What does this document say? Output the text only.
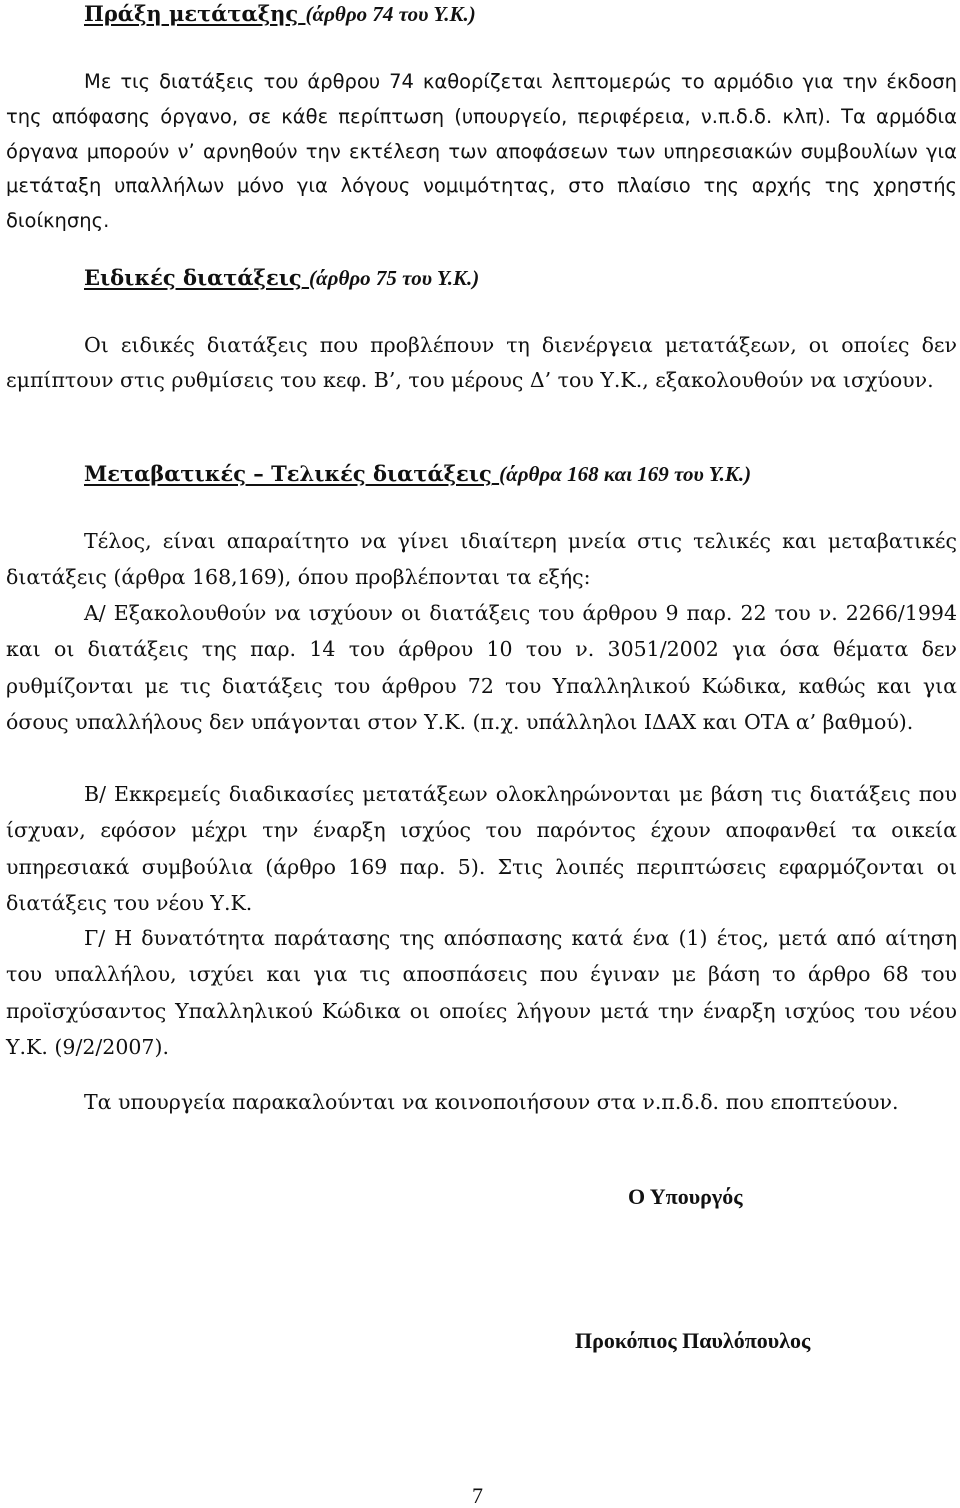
Πράξη μετάταξης (άρθρο 74 του Υ.Κ.)

Με τις διατάξεις του άρθρου 74 καθορίζεται λεπτομερώς το αρμόδιο για την έκδοση της απόφασης όργανο, σε κάθε περίπτωση (υπουργείο, περιφέρεια, ν.π.δ.δ. κλπ). Τα αρμόδια όργανα μπορούν ν’ αρνηθούν την εκτέλεση των αποφάσεων των υπηρεσιακών συμβουλίων για μετάταξη υπαλλήλων μόνο για λόγους νομιμότητας, στο πλαίσιο της αρχής της χρηστής διοίκησης.

Ειδικές διατάξεις (άρθρο 75 του Υ.Κ.)

Οι ειδικές διατάξεις που προβλέπουν τη διενέργεια μετατάξεων, οι οποίες δεν εμπίπτουν στις ρυθμίσεις του κεφ. Β’, του μέρους Δ’ του Υ.Κ., εξακολουθούν να ισχύουν.

Μεταβατικές – Τελικές διατάξεις (άρθρα 168 και 169 του Υ.Κ.)

Τέλος, είναι απαραίτητο να γίνει ιδιαίτερη μνεία στις τελικές και μεταβατικές διατάξεις (άρθρα 168,169), όπου προβλέπονται τα εξής:

Α/ Εξακολουθούν να ισχύουν οι διατάξεις του άρθρου 9 παρ. 22 του ν. 2266/1994 και οι διατάξεις της παρ. 14 του άρθρου 10 του ν. 3051/2002 για όσα θέματα δεν ρυθμίζονται με τις διατάξεις του άρθρου 72 του Υπαλληλικού Κώδικα, καθώς και για όσους υπαλλήλους δεν υπάγονται στον Υ.Κ. (π.χ. υπάλληλοι ΙΔΑΧ και ΟΤΑ α’ βαθμού).

Β/ Εκκρεμείς διαδικασίες μετατάξεων ολοκληρώνονται με βάση τις διατάξεις που ίσχυαν, εφόσον μέχρι την έναρξη ισχύος του παρόντος έχουν αποφανθεί τα οικεία υπηρεσιακά συμβούλια (άρθρο 169 παρ. 5). Στις λοιπές περιπτώσεις εφαρμόζονται οι διατάξεις του νέου Υ.Κ.

Γ/ Η δυνατότητα παράτασης της απόσπασης κατά ένα (1) έτος, μετά από αίτηση του υπαλλήλου, ισχύει και για τις αποσπάσεις που έγιναν με βάση το άρθρο 68 του προϊσχύσαντος Υπαλληλικού Κώδικα οι οποίες λήγουν μετά την έναρξη ισχύος του νέου Υ.Κ. (9/2/2007).

Τα υπουργεία παρακαλούνται να κοινοποιήσουν στα ν.π.δ.δ. που εποπτεύουν.

Ο Υπουργός

Προκόπιος Παυλόπουλος

7
